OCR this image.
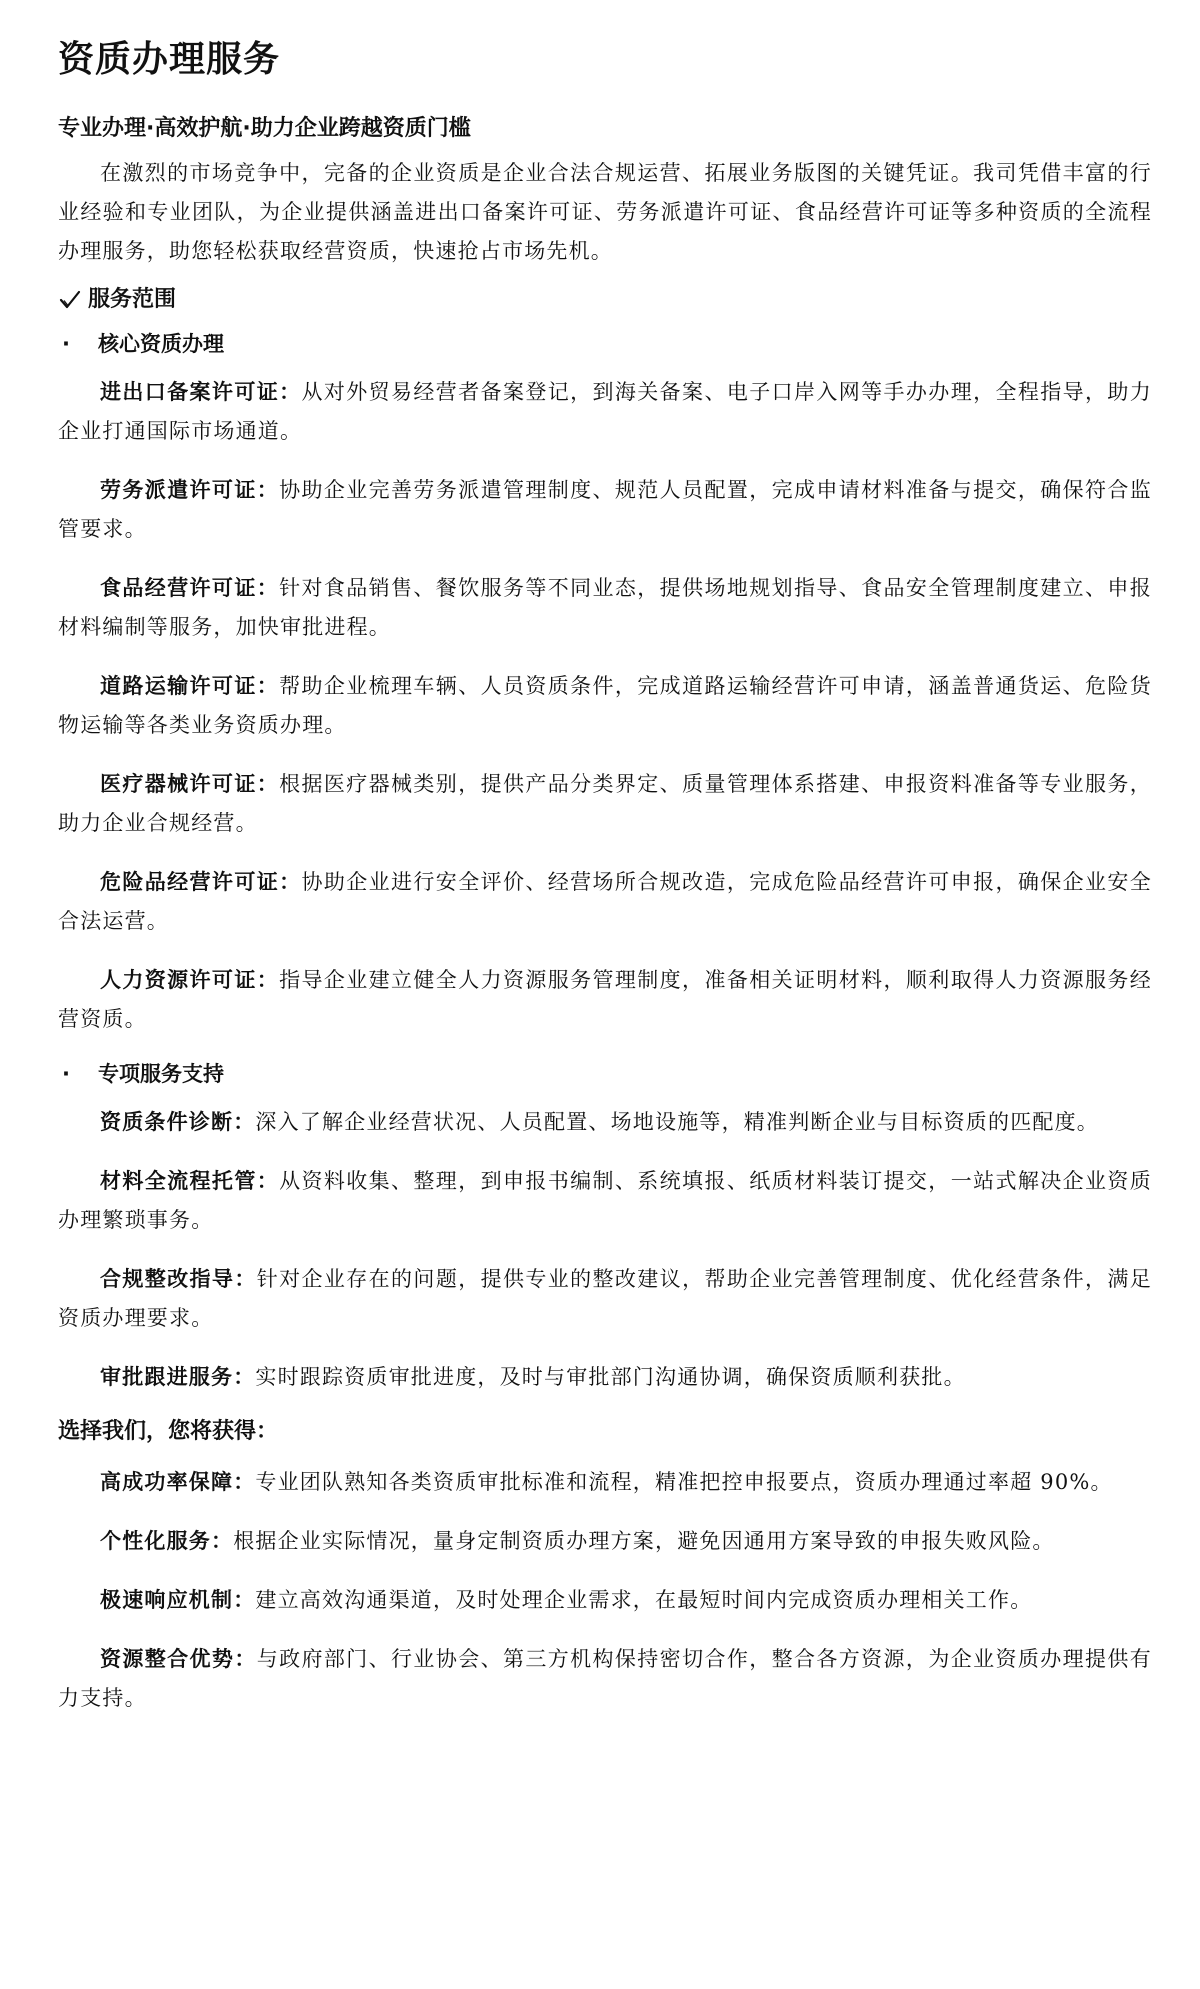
资质办理服务
专业办理·高效护航·助力企业跨越资质门槛

在激烈的市场竞争中，完备的企业资质是企业合法合规运营、拓展业务版图的关键凭证。我司凭借丰富的行业经验和专业团队，为企业提供涵盖进出口备案许可证、劳务派遣许可证、食品经营许可证等多种资质的全流程办理服务，助您轻松获取经营资质，快速抢占市场先机。

服务范围
·	核心资质办理

进出口备案许可证：从对外贸易经营者备案登记，到海关备案、电子口岸入网等手办办理，全程指导，助力企业打通国际市场通道。

劳务派遣许可证：协助企业完善劳务派遣管理制度、规范人员配置，完成申请材料准备与提交，确保符合监管要求。

食品经营许可证：针对食品销售、餐饮服务等不同业态，提供场地规划指导、食品安全管理制度建立、申报材料编制等服务，加快审批进程。

道路运输许可证：帮助企业梳理车辆、人员资质条件，完成道路运输经营许可申请，涵盖普通货运、危险货物运输等各类业务资质办理。

医疗器械许可证：根据医疗器械类别，提供产品分类界定、质量管理体系搭建、申报资料准备等专业服务，助力企业合规经营。

危险品经营许可证：协助企业进行安全评价、经营场所合规改造，完成危险品经营许可申报，确保企业安全合法运营。

人力资源许可证：指导企业建立健全人力资源服务管理制度，准备相关证明材料，顺利取得人力资源服务经营资质。

·	专项服务支持

资质条件诊断：深入了解企业经营状况、人员配置、场地设施等，精准判断企业与目标资质的匹配度。

材料全流程托管：从资料收集、整理，到申报书编制、系统填报、纸质材料装订提交，一站式解决企业资质办理繁琐事务。

合规整改指导：针对企业存在的问题，提供专业的整改建议，帮助企业完善管理制度、优化经营条件，满足资质办理要求。

审批跟进服务：实时跟踪资质审批进度，及时与审批部门沟通协调，确保资质顺利获批。

选择我们，您将获得：

高成功率保障：专业团队熟知各类资质审批标准和流程，精准把控申报要点，资质办理通过率超 90%。

个性化服务：根据企业实际情况，量身定制资质办理方案，避免因通用方案导致的申报失败风险。

极速响应机制：建立高效沟通渠道，及时处理企业需求，在最短时间内完成资质办理相关工作。

资源整合优势：与政府部门、行业协会、第三方机构保持密切合作，整合各方资源，为企业资质办理提供有力支持。
